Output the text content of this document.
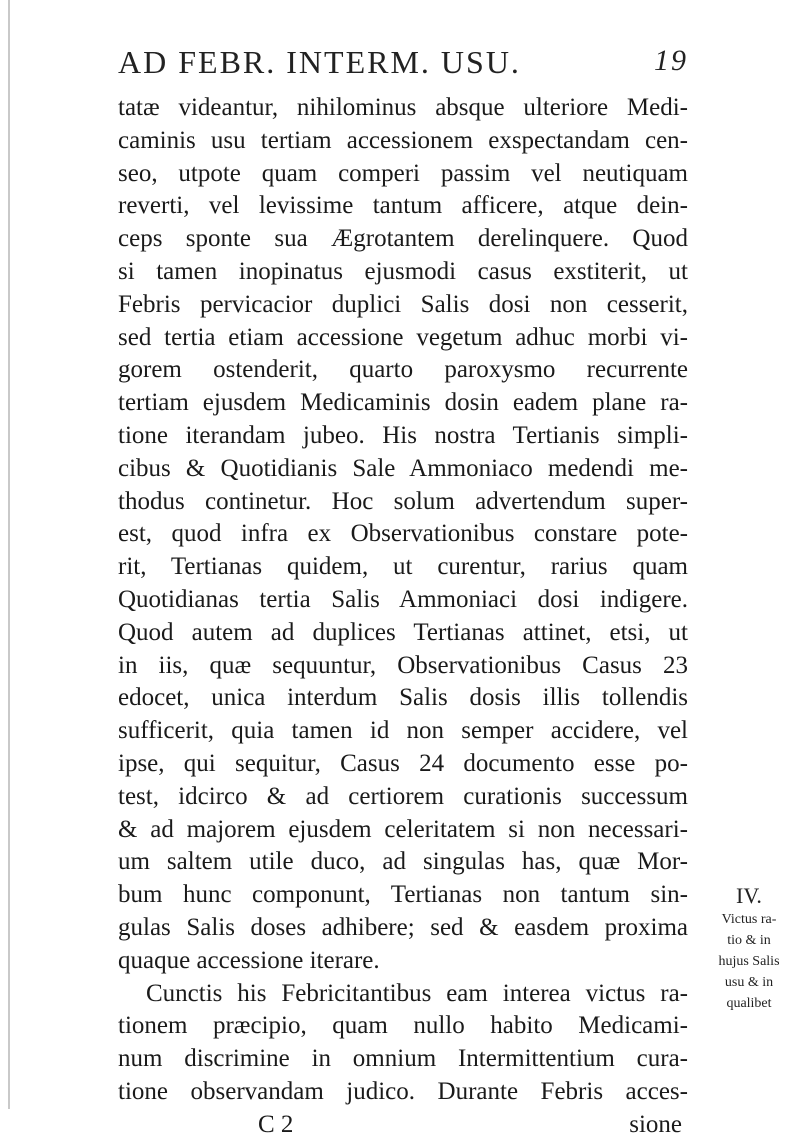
AD FEBR. INTERM. USU.	19
tatæ videantur, nihilominus absque ulteriore Medi-
caminis usu tertiam accessionem exspectandam cen-
seo, utpote quam comperi passim vel neutiquam
reverti, vel levissime tantum afficere, atque dein-
ceps sponte sua Ægrotantem derelinquere. Quod
si tamen inopinatus ejusmodi casus exstiterit, ut
Febris pervicacior duplici Salis dosi non cesserit,
sed tertia etiam accessione vegetum adhuc morbi vi-
gorem ostenderit, quarto paroxysmo recurrente
tertiam ejusdem Medicaminis dosin eadem plane ra-
tione iterandam jubeo. His nostra Tertianis simpli-
cibus & Quotidianis Sale Ammoniaco medendi me-
thodus continetur. Hoc solum advertendum super-
est, quod infra ex Observationibus constare pote-
rit, Tertianas quidem, ut curentur, rarius quam
Quotidianas tertia Salis Ammoniaci dosi indigere.
Quod autem ad duplices Tertianas attinet, etsi, ut
in iis, quæ sequuntur, Observationibus Casus 23
edocet, unica interdum Salis dosis illis tollendis
sufficerit, quia tamen id non semper accidere, vel
ipse, qui sequitur, Casus 24 documento esse po-
test, idcirco & ad certiorem curationis successum
& ad majorem ejusdem celeritatem si non necessari-
um saltem utile duco, ad singulas has, quæ Mor-
bum hunc componunt, Tertianas non tantum sin-
gulas Salis doses adhibere; sed & easdem proxima
quaque accessione iterare.
Cunctis his Febricitantibus eam interea victus ra-
tionem præcipio, quam nullo habito Medicami-
num discrimine in omnium Intermittentium cura-
tione observandam judico. Durante Febris acces-
C 2	sione
IV.
Victus ra-
tio & in
hujus Salis
usu & in
qualibet
